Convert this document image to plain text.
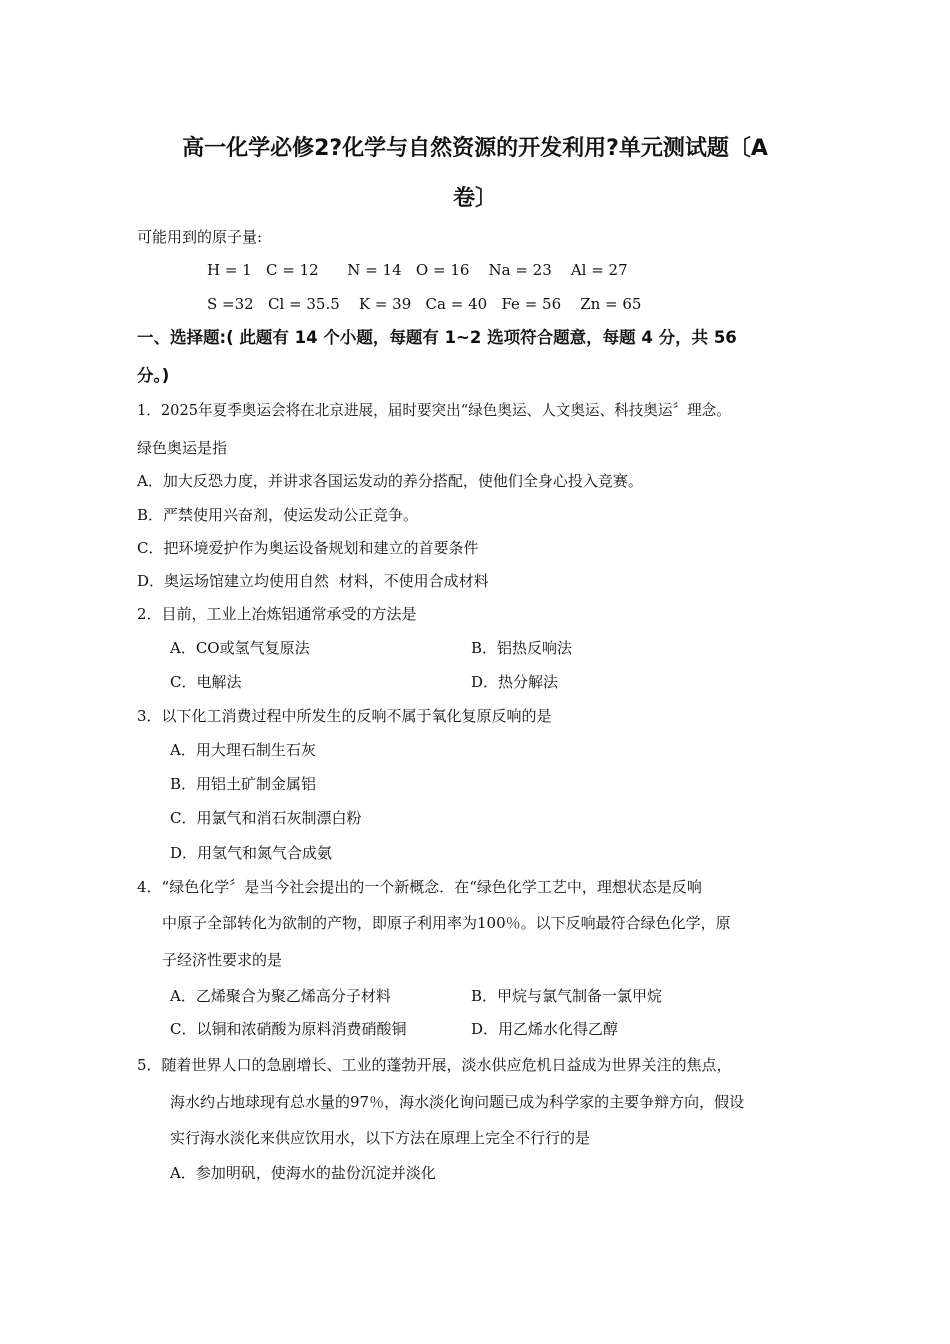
高一化学必修2?化学与自然资源的开发利用?单元测试题〔A
卷〕
可能用到的原子量:
H = 1   C = 12      N = 14   O = 16    Na = 23    Al = 27
S =32   Cl = 35.5    K = 39   Ca = 40   Fe = 56    Zn = 65
一、选择题:( 此题有 14 个小题，每题有 1~2 选项符合题意，每题 4 分，共 56
分。)
1．2025年夏季奥运会将在北京进展，届时要突出“绿色奥运、人文奥运、科技奥运〞理念。
绿色奥运是指
A．加大反恐力度，并讲求各国运发动的养分搭配，使他们全身心投入竞赛。
B．严禁使用兴奋剂，使运发动公正竞争。
C．把环境爱护作为奥运设备规划和建立的首要条件
D．奥运场馆建立均使用自然  材料，不使用合成材料
2．目前，工业上冶炼铝通常承受的方法是
A．CO或氢气复原法	B．铝热反响法
C．电解法	D．热分解法
3．以下化工消费过程中所发生的反响不属于氧化复原反响的是
A．用大理石制生石灰
B．用铝土矿制金属铝
C．用氯气和消石灰制漂白粉
D．用氢气和氮气合成氨
4．“绿色化学〞是当今社会提出的一个新概念．在“绿色化学工艺中，理想状态是反响
中原子全部转化为欲制的产物，即原子利用率为100％。以下反响最符合绿色化学，原
子经济性要求的是
A．乙烯聚合为聚乙烯高分子材料	B．甲烷与氯气制备一氯甲烷
C．以铜和浓硝酸为原料消费硝酸铜	D．用乙烯水化得乙醇
5．随着世界人口的急剧增长、工业的蓬勃开展，淡水供应危机日益成为世界关注的焦点，
海水约占地球现有总水量的97％，海水淡化询问题已成为科学家的主要争辩方向，假设
实行海水淡化来供应饮用水，以下方法在原理上完全不行行的是
A．参加明矾，使海水的盐份沉淀并淡化
